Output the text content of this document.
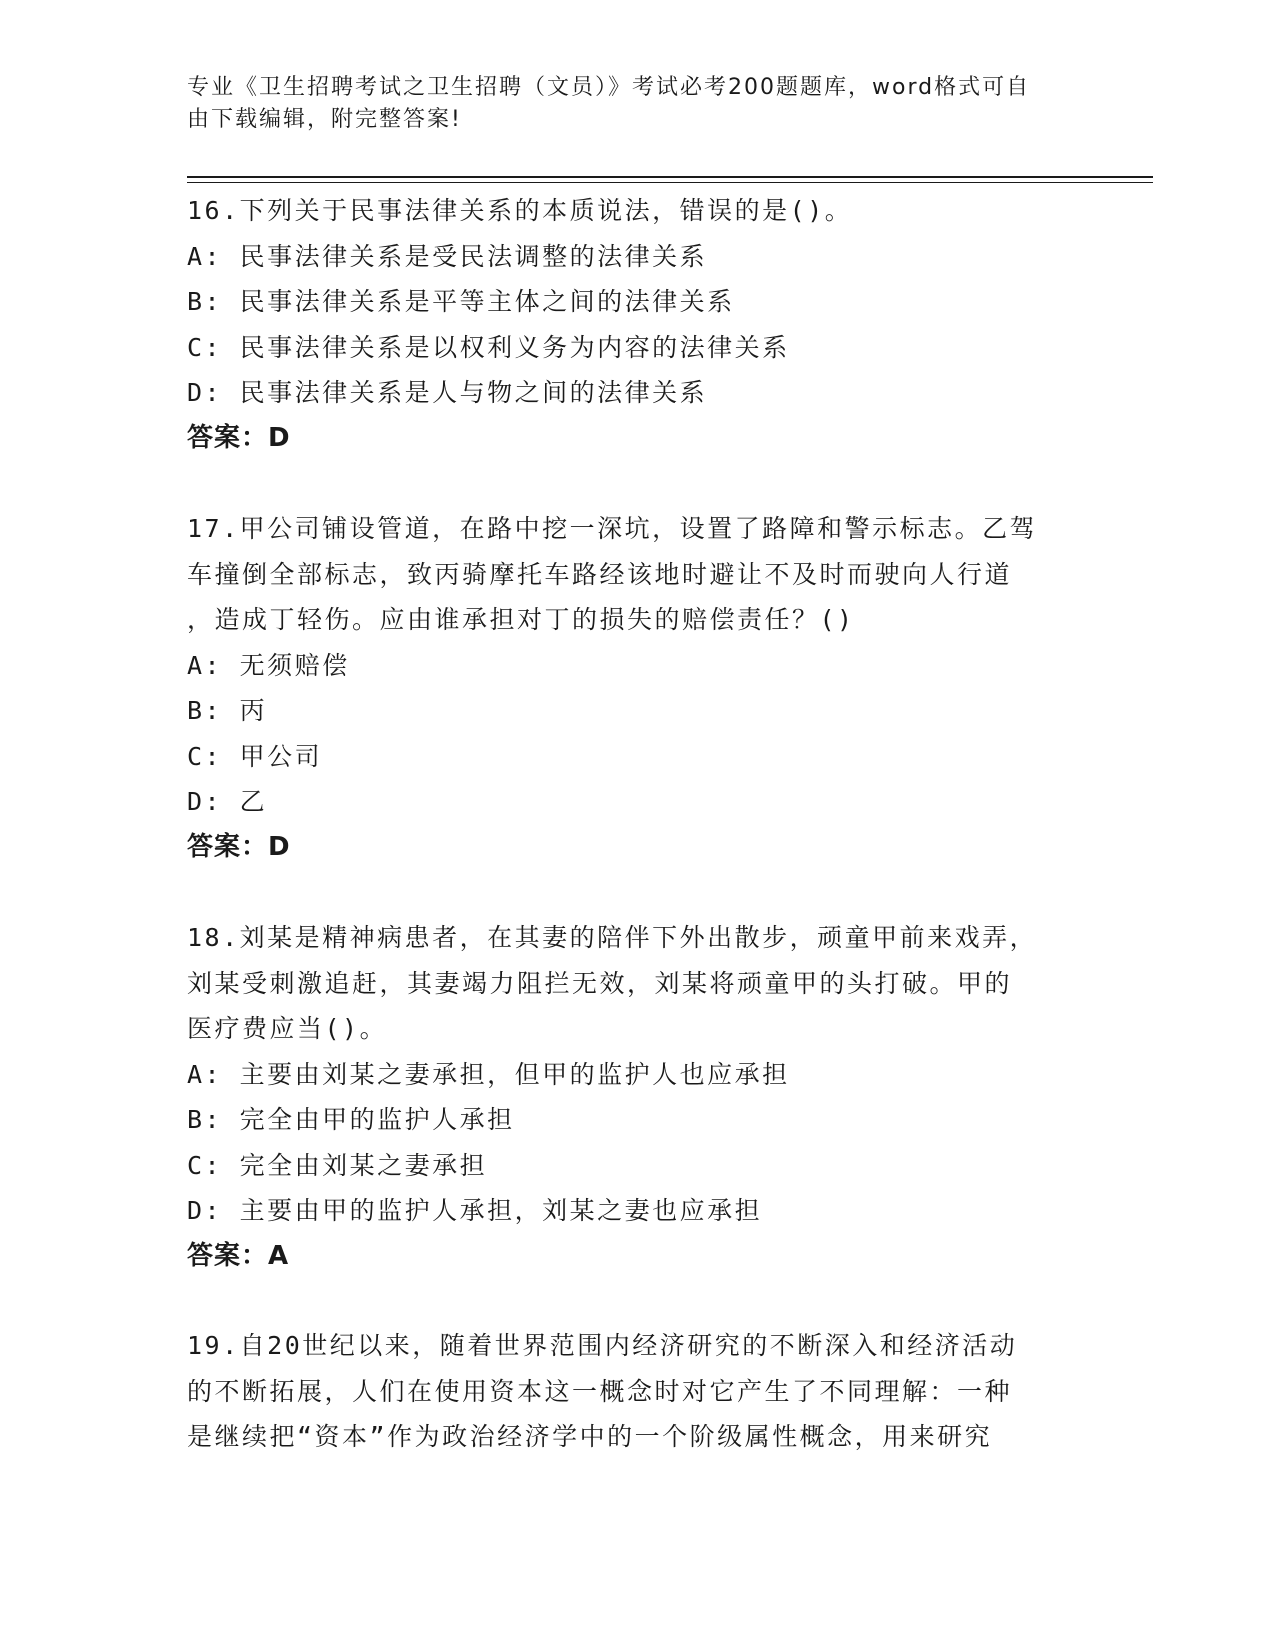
专业《卫生招聘考试之卫生招聘（文员）》考试必考200题题库，word格式可自
由下载编辑，附完整答案!
16.下列关于民事法律关系的本质说法，错误的是()。
A: 民事法律关系是受民法调整的法律关系
B: 民事法律关系是平等主体之间的法律关系
C: 民事法律关系是以权利义务为内容的法律关系
D: 民事法律关系是人与物之间的法律关系
答案：D
17.甲公司铺设管道，在路中挖一深坑，设置了路障和警示标志。乙驾
车撞倒全部标志，致丙骑摩托车路经该地时避让不及时而驶向人行道
，造成丁轻伤。应由谁承担对丁的损失的赔偿责任？()
A: 无须赔偿
B: 丙
C: 甲公司
D: 乙
答案：D
18.刘某是精神病患者，在其妻的陪伴下外出散步，顽童甲前来戏弄，
刘某受刺激追赶，其妻竭力阻拦无效，刘某将顽童甲的头打破。甲的
医疗费应当()。
A: 主要由刘某之妻承担，但甲的监护人也应承担
B: 完全由甲的监护人承担
C: 完全由刘某之妻承担
D: 主要由甲的监护人承担，刘某之妻也应承担
答案：A
19.自20世纪以来，随着世界范围内经济研究的不断深入和经济活动
的不断拓展，人们在使用资本这一概念时对它产生了不同理解：一种
是继续把“资本”作为政治经济学中的一个阶级属性概念，用来研究
